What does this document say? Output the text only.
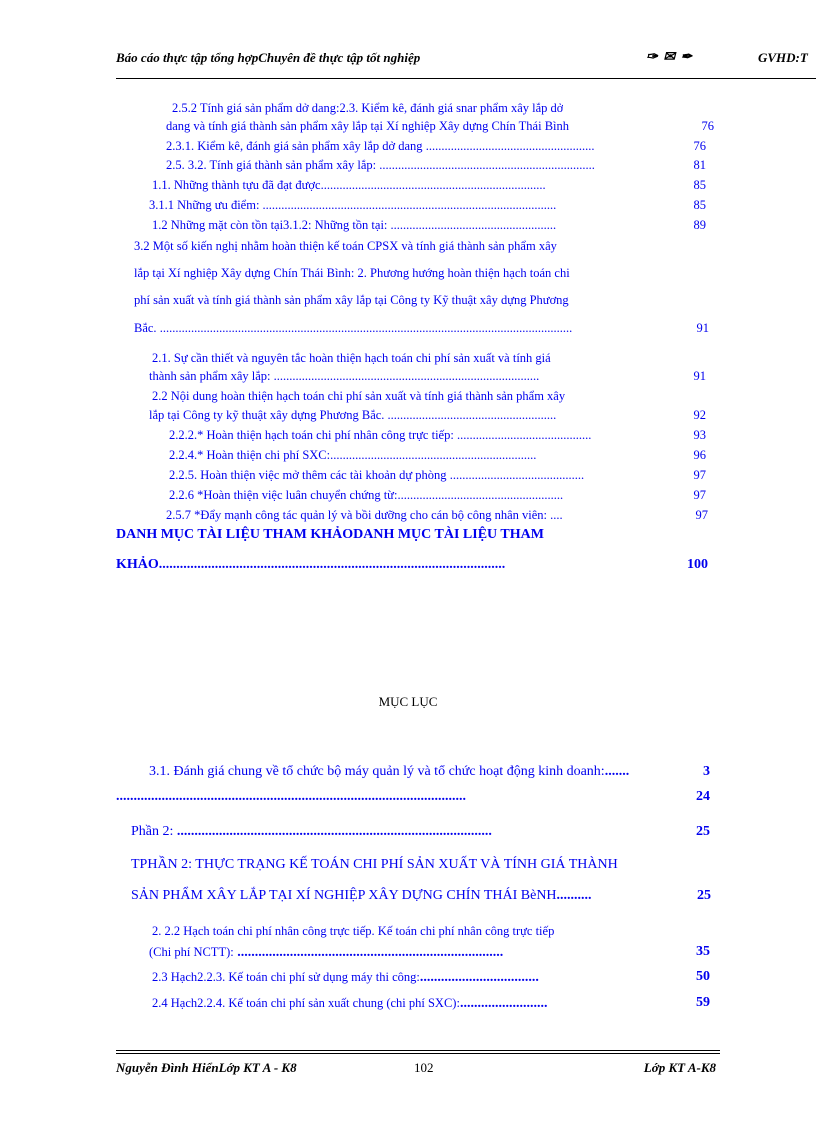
Báo cáo thực tập tổng hợpChuyên đề thực tập tốt nghiệp	✑ ✉ ✒	GVHD:T
2.5.2 Tính giá sản phẩm dở dang:2.3. Kiểm kê, đánh giá snar phẩm xây lắp dở
dang và tính giá thành sản phẩm xây lắp tại Xí nghiệp Xây dựng Chín Thái Bình	76
2.3.1. Kiểm kê, đánh giá sản phẩm xây lắp dở dang ......................................................	76
2.5. 3.2. Tính giá thành sản phẩm xây lắp: .....................................................................	81
1.1. Những thành tựu đã đạt được........................................................................	85
3.1.1 Những ưu điểm: ..............................................................................................	85
1.2 Những mặt còn tồn tại3.1.2: Những tồn tại: .....................................................	89
3.2 Một số kiến nghị nhằm hoàn thiện kế toán CPSX và tính giá thành sản phẩm xây
lắp tại Xí nghiệp Xây dựng Chín Thái Bình: 2. Phương hướng hoàn thiện hạch toán chi
phí sản xuất và tính giá thành sản phẩm xây lắp tại Công ty Kỹ thuật xây dựng Phương
Bắc. ....................................................................................................................................	91
2.1. Sự cần thiết và nguyên tắc hoàn thiện hạch toán chi phí sản xuất và tính giá
thành sản phẩm xây lắp: .....................................................................................	91
2.2 Nội dung hoàn thiện hạch toán chi phí sản xuất và tính giá thành sản phẩm xây
lắp tại Công ty kỹ thuật xây dựng Phương Bắc. ......................................................	92
2.2.2.* Hoàn thiện hạch toán chi phí nhân công trực tiếp: ...........................................	93
2.2.4.* Hoàn thiện chi phí SXC:..................................................................	96
2.2.5. Hoàn thiện việc mở thêm các tài khoản dự phòng ...........................................	97
2.2.6 *Hoàn thiện việc luân chuyển chứng từ:.....................................................	97
2.5.7 *Đẩy mạnh công tác quản lý và bồi dưỡng cho cán bộ công nhân viên: ....	97
DANH MỤC TÀI LIỆU THAM KHẢODANH MỤC TÀI LIỆU THAM
KHẢO...................................................................................................	100
MỤC LỤC
3.1. Đánh giá chung về tổ chức bộ máy quản lý và tổ chức hoạt động kinh doanh:.......	3
....................................................................................................	24
Phần 2: ..........................................................................................	25
TPHẦN 2: THỰC TRẠNG KẾ TOÁN CHI PHÍ SẢN XUẤT VÀ TÍNH GIÁ THÀNH
SẢN PHẨM XÂY LẮP TẠI XÍ NGHIỆP XÂY DỰNG CHÍN THÁI BèNH..........	25
2. 2.2 Hạch toán chi phí nhân công trực tiếp. Kế toán chi phí nhân công trực tiếp
(Chi phí NCTT): ............................................................................	35
2.3 Hạch2.2.3. Kế toán chi phí sử dụng máy thi công:..................................	50
2.4 Hạch2.2.4. Kế toán chi phí sản xuất chung (chi phí SXC):.........................	59
Nguyễn Đình HiểnLớp KT A - K8	102	Lớp KT A-K8
